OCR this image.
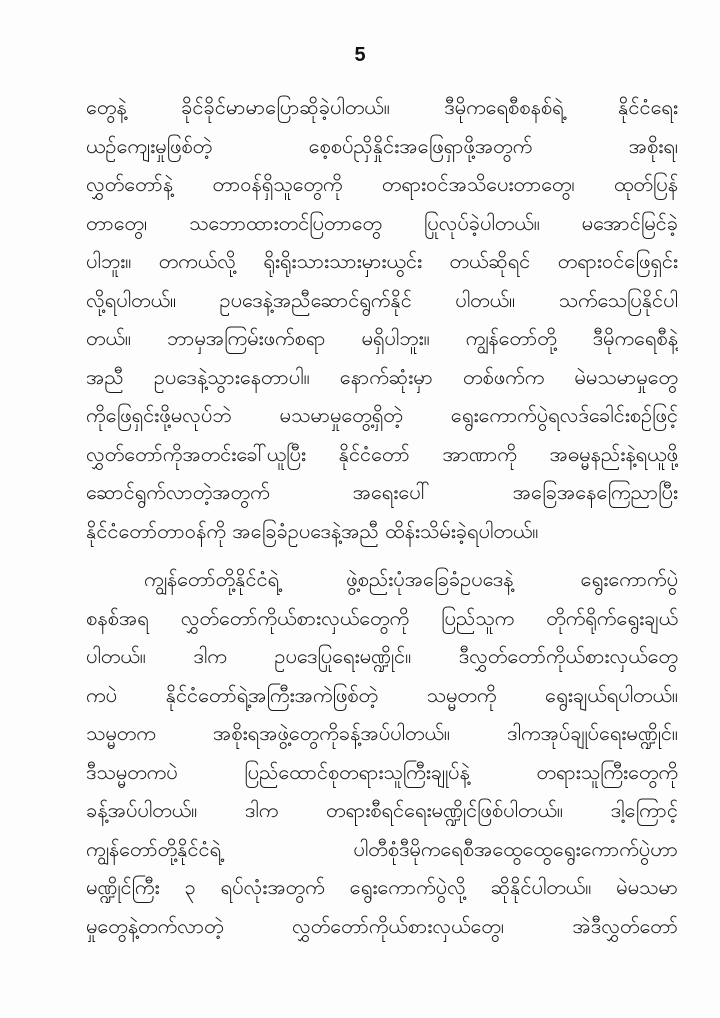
5
တွေနဲ့ ခိုင်ခိုင်မာမာပြောဆိုခဲ့ပါတယ်။ ဒီမိုကရေစီစနစ်ရဲ့ နိုင်ငံရေး
ယဉ်ကျေးမှုဖြစ်တဲ့ စေ့စပ်ညှိနှိုင်းအဖြေရှာဖို့အတွက် အစိုးရ၊
လွှတ်တော်နဲ့ တာဝန်ရှိသူတွေကို တရားဝင်အသိပေးတာတွေ၊ ထုတ်ပြန်
တာတွေ၊ သဘောထားတင်ပြတာတွေ ပြုလုပ်ခဲ့ပါတယ်။ မအောင်မြင်ခဲ့
ပါဘူး။ တကယ်လို့ ရိုးရိုးသားသားမှားယွင်း တယ်ဆိုရင် တရားဝင်ဖြေရှင်း
လို့ရပါတယ်။ ဥပဒေနဲ့အညီဆောင်ရွက်နိုင် ပါတယ်။ သက်သေပြနိုင်ပါ
တယ်။ ဘာမှအကြမ်းဖက်စရာ မရှိပါဘူး။ ကျွန်တော်တို့ ဒီမိုကရေစီနဲ့
အညီ ဥပဒေနဲ့သွားနေတာပါ။ နောက်ဆုံးမှာ တစ်ဖက်က မဲမသမာမှုတွေ
ကိုဖြေရှင်းဖို့မလုပ်ဘဲ မသမာမှုတွေ့ရှိတဲ့ ရွေးကောက်ပွဲရလဒ်ခေါင်းစဉ်ဖြင့်
လွှတ်တော်ကိုအတင်းခေါ်ယူပြီး နိုင်ငံတော် အာဏာကို အဓမ္မနည်းနဲ့ရယူဖို့
ဆောင်ရွက်လာတဲ့အတွက် အရေးပေါ် အခြေအနေကြေညာပြီး
နိုင်ငံတော်တာဝန်ကို အခြေခံဥပဒေနဲ့အညီ ထိန်းသိမ်းခဲ့ရပါတယ်။
ကျွန်တော်တို့နိုင်ငံရဲ့ ဖွဲ့စည်းပုံအခြေခံဥပဒေနဲ့ ရွေးကောက်ပွဲ
စနစ်အရ လွှတ်တော်ကိုယ်စားလှယ်တွေကို ပြည်သူက တိုက်ရိုက်ရွေးချယ်
ပါတယ်။ ဒါက ဥပဒေပြုရေးမဏ္ဍိုင်။ ဒီလွှတ်တော်ကိုယ်စားလှယ်တွေ
ကပဲ နိုင်ငံတော်ရဲ့အကြီးအကဲဖြစ်တဲ့ သမ္မတကို ရွေးချယ်ရပါတယ်။
သမ္မတက အစိုးရအဖွဲ့တွေကိုခန့်အပ်ပါတယ်။ ဒါကအုပ်ချုပ်ရေးမဏ္ဍိုင်။
ဒီသမ္မတကပဲ ပြည်ထောင်စုတရားသူကြီးချုပ်နဲ့ တရားသူကြီးတွေကို
ခန့်အပ်ပါတယ်။ ဒါက တရားစီရင်ရေးမဏ္ဍိုင်ဖြစ်ပါတယ်။ ဒါ့ကြောင့်
ကျွန်တော်တို့နိုင်ငံရဲ့ ပါတီစုံဒီမိုကရေစီအထွေထွေရွေးကောက်ပွဲဟာ
မဏ္ဍိုင်ကြီး ၃ ရပ်လုံးအတွက် ရွေးကောက်ပွဲလို့ ဆိုနိုင်ပါတယ်။ မဲမသမာ
မှုတွေနဲ့တက်လာတဲ့ လွှတ်တော်ကိုယ်စားလှယ်တွေ၊ အဲဒီလွှတ်တော်
